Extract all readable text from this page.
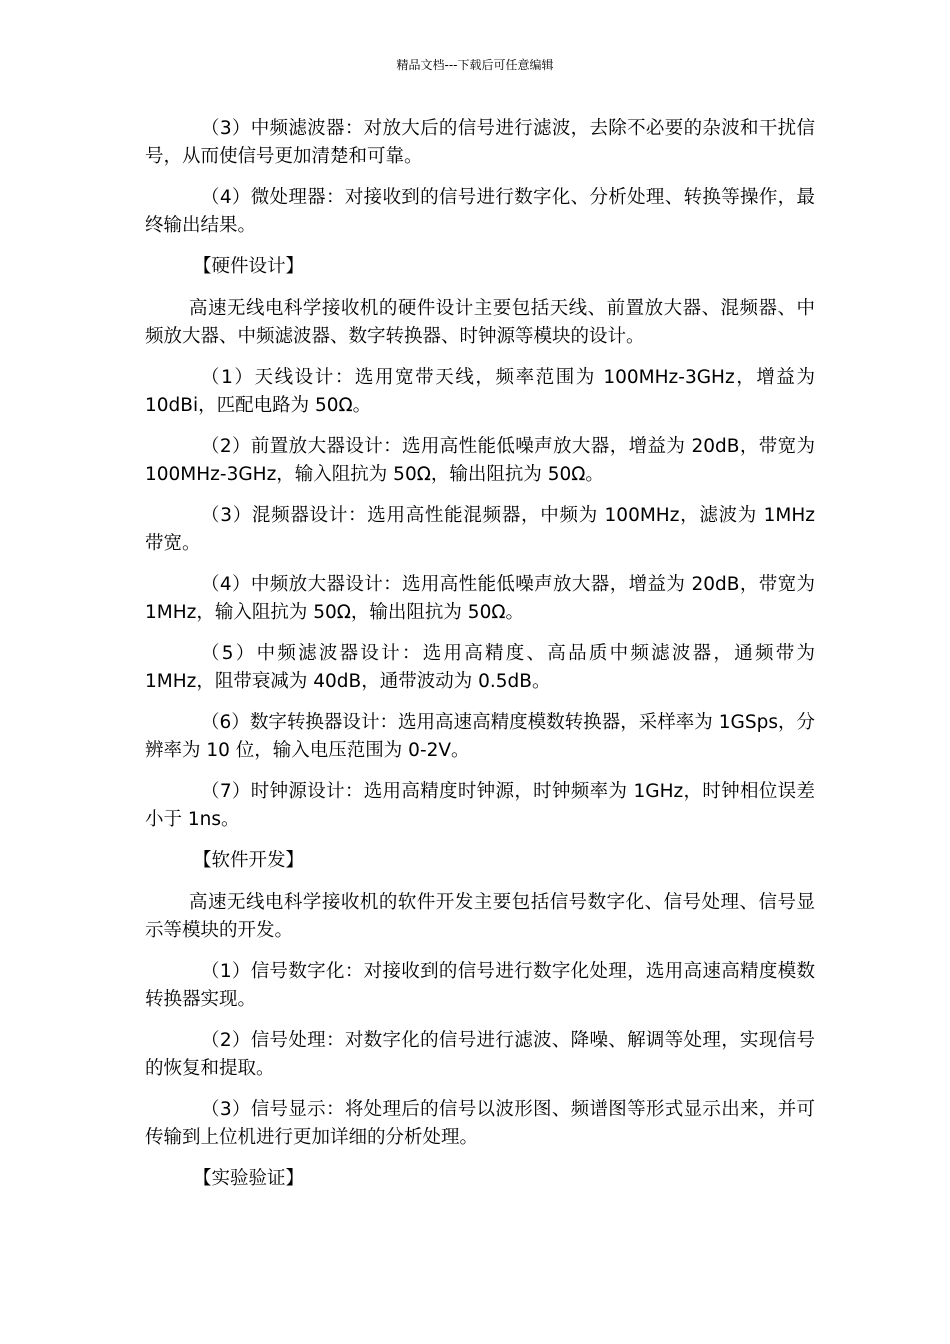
精品文档---下载后可任意编辑

（3）中频滤波器：对放大后的信号进行滤波，去除不必要的杂波和干扰信号，从而使信号更加清楚和可靠。

（4）微处理器：对接收到的信号进行数字化、分析处理、转换等操作，最终输出结果。

【硬件设计】

高速无线电科学接收机的硬件设计主要包括天线、前置放大器、混频器、中频放大器、中频滤波器、数字转换器、时钟源等模块的设计。

（1）天线设计：选用宽带天线，频率范围为 100MHz-3GHz，增益为 10dBi，匹配电路为 50Ω。

（2）前置放大器设计：选用高性能低噪声放大器，增益为 20dB，带宽为 100MHz-3GHz，输入阻抗为 50Ω，输出阻抗为 50Ω。

（3）混频器设计：选用高性能混频器，中频为 100MHz，滤波为 1MHz 带宽。

（4）中频放大器设计：选用高性能低噪声放大器，增益为 20dB，带宽为 1MHz，输入阻抗为 50Ω，输出阻抗为 50Ω。

（5）中频滤波器设计：选用高精度、高品质中频滤波器，通频带为 1MHz，阻带衰减为 40dB，通带波动为 0.5dB。

（6）数字转换器设计：选用高速高精度模数转换器，采样率为 1GSps，分辨率为 10 位，输入电压范围为 0-2V。

（7）时钟源设计：选用高精度时钟源，时钟频率为 1GHz，时钟相位误差小于 1ns。

【软件开发】

高速无线电科学接收机的软件开发主要包括信号数字化、信号处理、信号显示等模块的开发。

（1）信号数字化：对接收到的信号进行数字化处理，选用高速高精度模数转换器实现。

（2）信号处理：对数字化的信号进行滤波、降噪、解调等处理，实现信号的恢复和提取。

（3）信号显示：将处理后的信号以波形图、频谱图等形式显示出来，并可传输到上位机进行更加详细的分析处理。

【实验验证】
